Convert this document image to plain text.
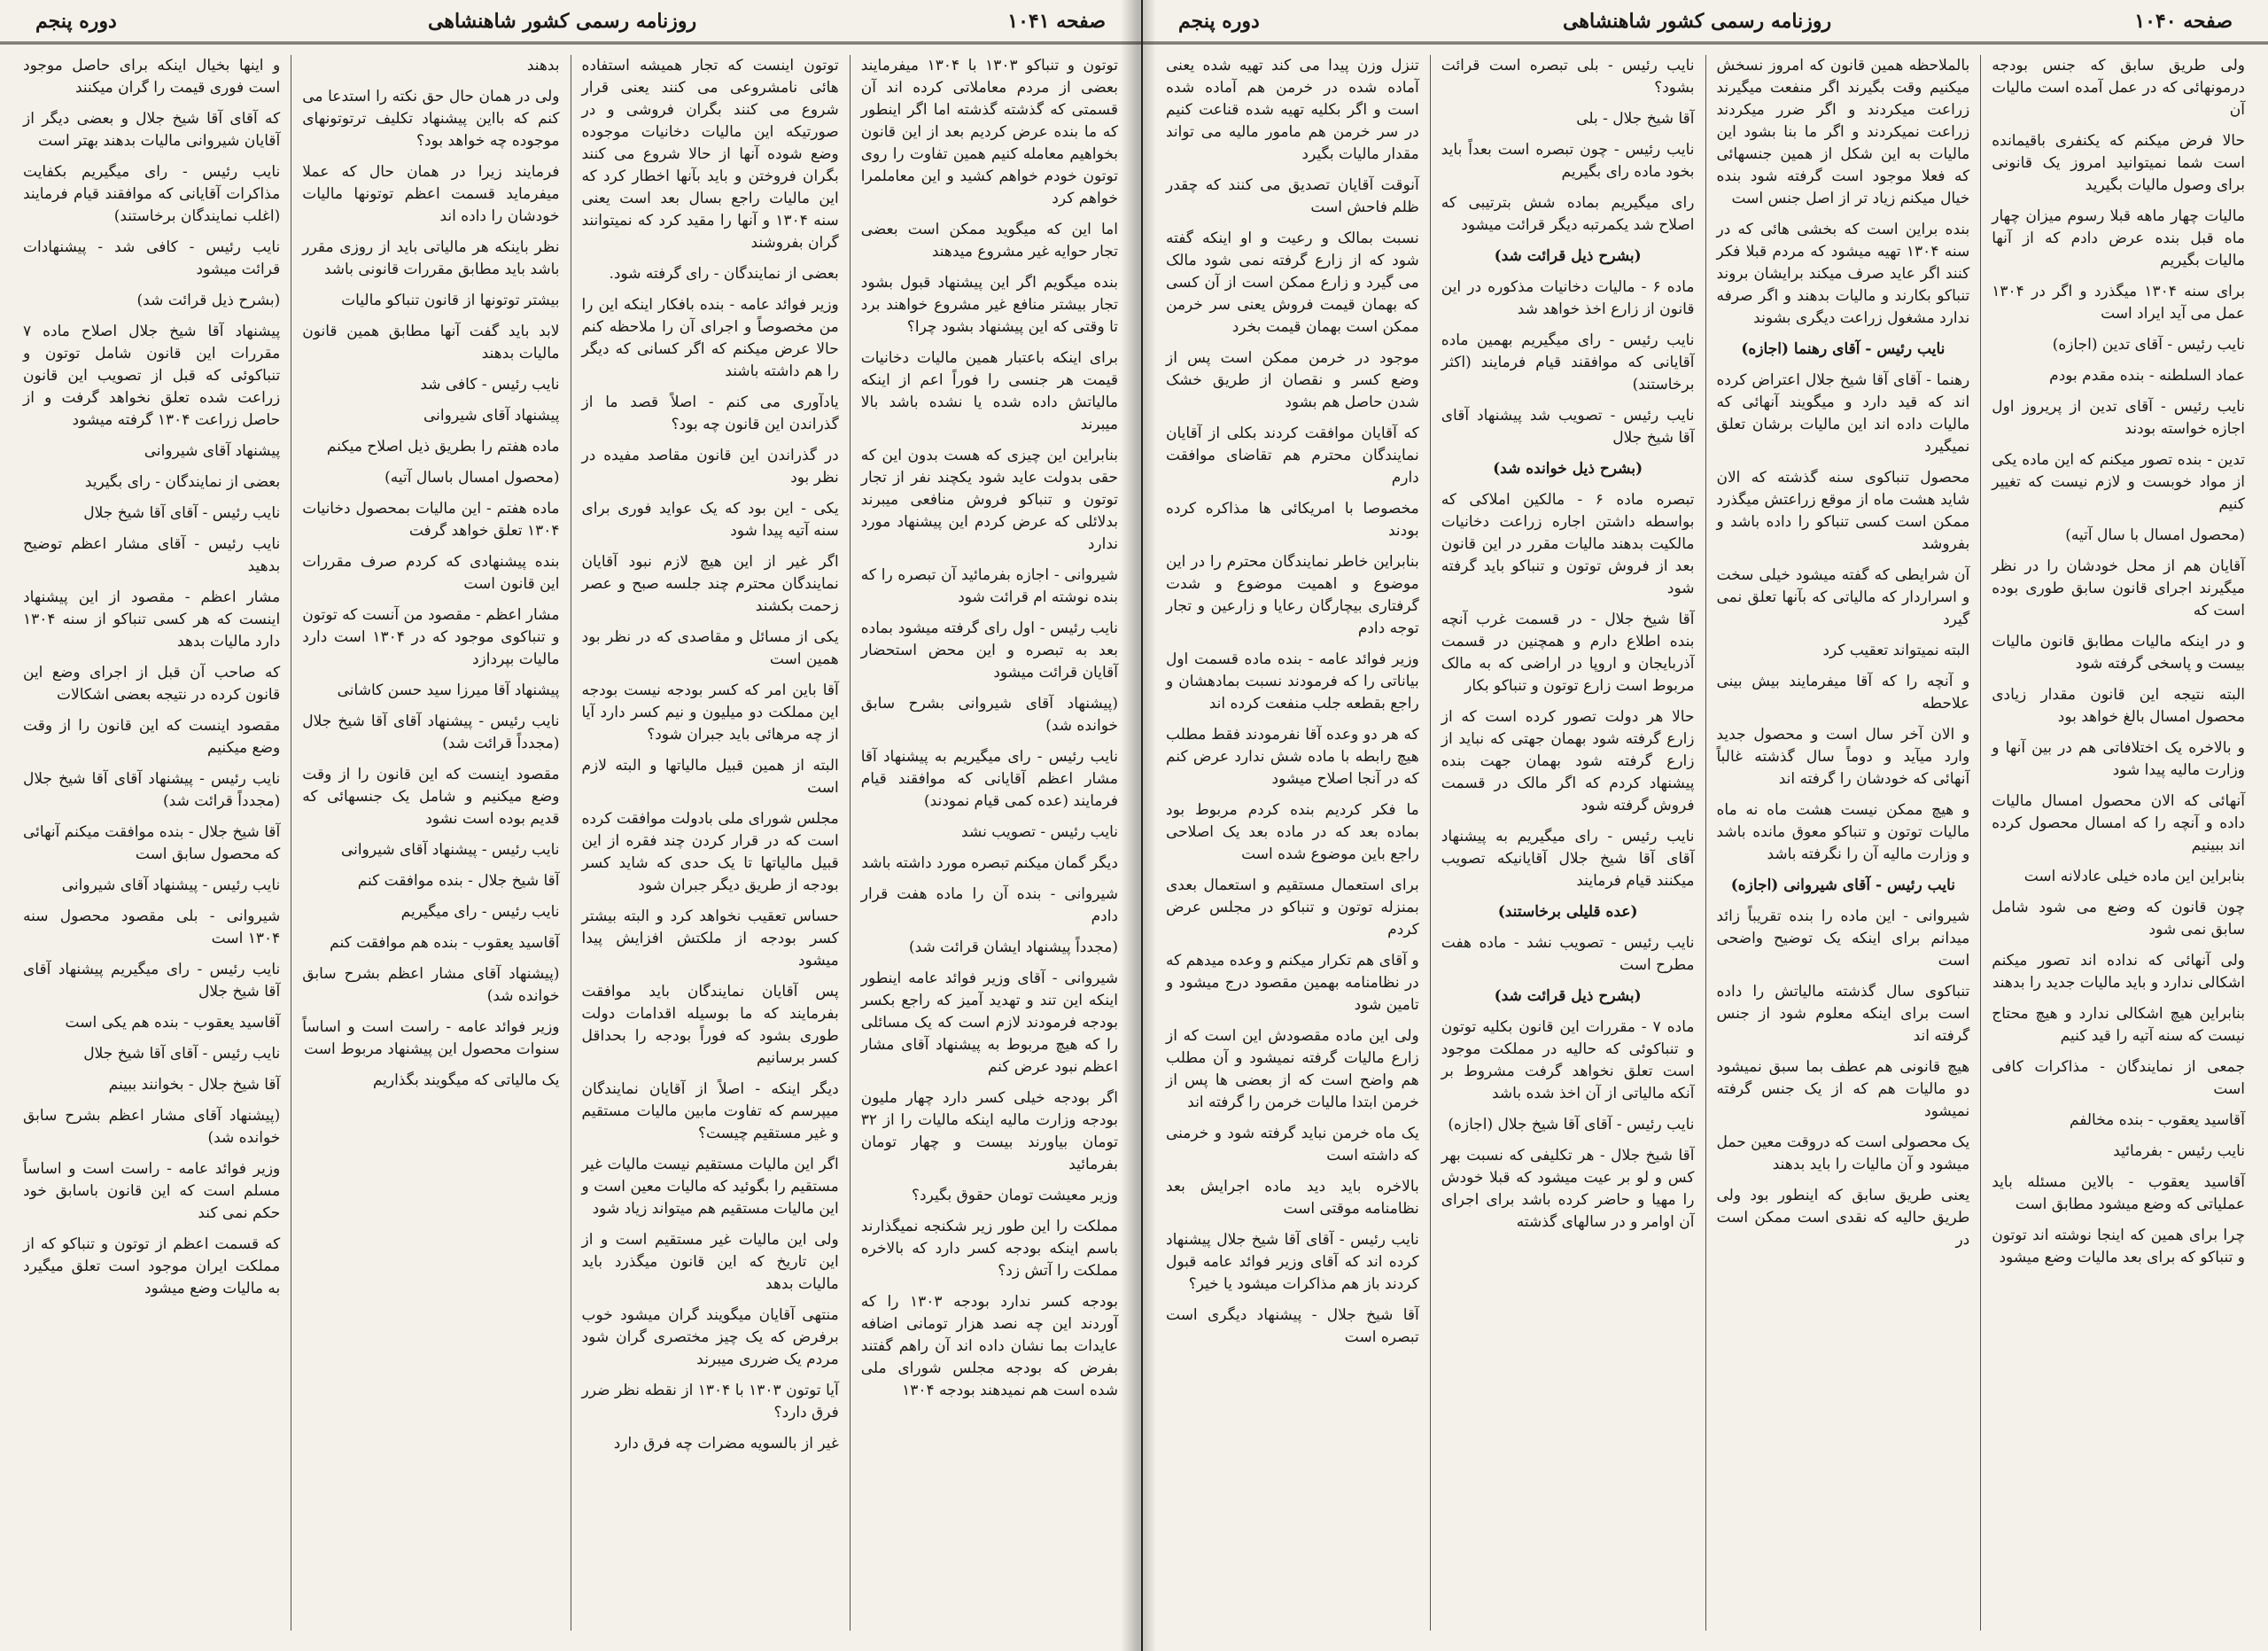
صفحه ۱۰۴۱
روزنامه رسمی کشور شاهنشاهی
دوره پنجم

توتون و تنباکو ۱۳۰۳ با ۱۳۰۴ میفرمایند بعضی از مردم معاملاتی کرده اند آن قسمتی که گذشته گذشته اما اگر اینطور که ما بنده عرض کردیم بعد از این قانون بخواهیم معامله کنیم همین تفاوت را روی توتون خودم خواهم کشید و این معاملمرا خواهم کرد

اما این که میگوید ممکن است بعضی تجار حوایه غیر مشروع میدهند

بنده میگویم اگر این پیشنهاد قبول بشود تجار بیشتر منافع غیر مشروع خواهند برد تا وقتی که این پیشنهاد بشود چرا؟

برای اینکه باعتبار همین مالیات دخانیات قیمت هر جنسی را فوراً اعم از اینکه مالیاتش داده شده یا نشده باشد بالا میبرند

بنابراین این چیزی که هست بدون این که حقی بدولت عاید شود یکچند نفر از تجار توتون و تنباکو فروش منافعی میبرند بدلائلی که عرض کردم این پیشنهاد مورد ندارد

شیروانی - اجازه بفرمائید آن تبصره را که بنده نوشته ام قرائت شود

نایب رئیس - اول رای گرفته میشود بماده بعد به تبصره و این محض استحضار آقایان قرائت میشود

(پیشنهاد آقای شیروانی بشرح سابق خوانده شد)

نایب رئیس - رای میگیریم به پیشنهاد آقا مشار اعظم آقایانی که موافقند قیام فرمایند (عده کمی قیام نمودند)

نایب رئیس - تصویب نشد

دیگر گمان میکنم تبصره مورد داشته باشد

شیروانی - بنده آن را ماده هفت قرار دادم

(مجدداً پیشنهاد ایشان قرائت شد)

شیروانی - آقای وزیر فوائد عامه اینطور اینکه این تند و تهدید آمیز که راجع بکسر بودجه فرمودند لازم است که یک مسائلی را که هیچ مربوط به پیشنهاد آقای مشار اعظم نبود عرض کنم

اگر بودجه خیلی کسر دارد چهار ملیون بودجه وزارت مالیه اینکه مالیات را از ۳۲ تومان بیاورند بیست و چهار تومان بفرمائید

وزیر معیشت تومان حقوق بگیرد؟

مملکت را این طور زیر شکنجه نمیگذارند باسم اینکه بودجه کسر دارد که بالاخره مملکت را آتش زد؟

بودجه کسر ندارد بودجه ۱۳۰۳ را که آوردند این چه نصد هزار تومانی اضافه عایدات بما نشان داده اند آن راهم گفتند بفرض که بودجه مجلس شورای ملی شده است هم نمیدهند بودجه ۱۳۰۴

توتون اینست که تجار همیشه استفاده هائی نامشروعی می کنند یعنی قرار شروع می کنند بگران فروشی و در صورتیکه این مالیات دخانیات موجوده وضع شوده آنها از حالا شروع می کنند بگران فروختن و باید بآنها اخطار کرد که این مالیات راجع بسال بعد است یعنی سنه ۱۳۰۴ و آنها را مقید کرد که نمیتوانند گران بفروشند

بعضی از نمایندگان - رای گرفته شود.

وزیر فوائد عامه - بنده بافکار اینکه این را من مخصوصاً و اجرای آن را ملاحظه کنم حالا عرض میکنم که اگر کسانی که دیگر را هم داشته باشند

یادآوری می کنم - اصلاً قصد ما از گذراندن این قانون چه بود؟

در گذراندن این قانون مقاصد مفیده در نظر بود

یکی - این بود که یک عواید فوری برای سنه آتیه پیدا شود

اگر غیر از این هیچ لازم نبود آقایان نمایندگان محترم چند جلسه صبح و عصر زحمت بکشند

یکی از مسائل و مقاصدی که در نظر بود همین است

آقا باین امر که کسر بودجه نیست بودجه این مملکت دو میلیون و نیم کسر دارد آیا از چه مرهائی باید جبران شود؟

البته از همین قبیل مالیاتها و البته لازم است

مجلس شورای ملی بادولت موافقت کرده است که در قرار کردن چند فقره از این قبیل مالیاتها تا یک حدی که شاید کسر بودجه از طریق دیگر جبران شود

حساس تعقیب نخواهد کرد و البته بیشتر کسر بودجه از ملکتش افزایش پیدا میشود

پس آقایان نمایندگان باید موافقت بفرمایند که ما بوسیله اقدامات دولت طوری بشود که فوراً بودجه را بحداقل کسر برسانیم

دیگر اینکه - اصلاً از آقایان نمایندگان میپرسم که تفاوت مابین مالیات مستقیم و غیر مستقیم چیست؟

اگر این مالیات مستقیم نیست مالیات غیر مستقیم را بگوئید که مالیات معین است و این مالیات مستقیم هم میتواند زیاد شود

ولی این مالیات غیر مستقیم است و از این تاریخ که این قانون میگذرد باید مالیات بدهد

منتهی آقایان میگویند گران میشود خوب برفرض که یک چیز مختصری گران شود مردم یک ضرری میبرند

آیا توتون ۱۳۰۳ با ۱۳۰۴ از نقطه نظر ضرر فرق دارد؟

غیر از بالسویه مضرات چه فرق دارد

بدهند

ولی در همان حال حق نکته را استدعا می کنم که بااین پیشنهاد تکلیف ترتوتونهای موجوده چه خواهد بود؟

فرمایند زیرا در همان حال که عملا میفرماید قسمت اعظم توتونها مالیات خودشان را داده اند

نظر باینکه هر مالیاتی باید از روزی مقرر باشد باید مطابق مقررات قانونی باشد

بیشتر توتونها از قانون تنباکو مالیات

لابد باید گفت آنها مطابق همین قانون مالیات بدهند

نایب رئیس - کافی شد

پیشنهاد آقای شیروانی

ماده هفتم را بطریق ذیل اصلاح میکنم

(محصول امسال باسال آتیه)

ماده هفتم - این مالیات بمحصول دخانیات ۱۳۰۴ تعلق خواهد گرفت

بنده پیشنهادی که کردم صرف مقررات این قانون است

مشار اعظم - مقصود من آنست که توتون و تنباکوی موجود که در ۱۳۰۴ است دارد مالیات بپردازد

پیشنهاد آقا میرزا سید حسن کاشانی

نایب رئیس - پیشنهاد آقای آقا شیخ جلال (مجدداً قرائت شد)

مقصود اینست که این قانون را از وقت وضع میکنیم و شامل یک جنسهائی که قدیم بوده است نشود

نایب رئیس - پیشنهاد آقای شیروانی

آقا شیخ جلال - بنده موافقت کنم

نایب رئیس - رای میگیریم

آقاسید یعقوب - بنده هم موافقت کنم

(پیشنهاد آقای مشار اعظم بشرح سابق خوانده شد)

وزیر فوائد عامه - راست است و اساساً سنوات محصول این پیشنهاد مربوط است

یک مالیاتی که میگویند بگذاریم

و اینها بخیال اینکه برای حاصل موجود است فوری قیمت را گران میکنند

که آقای آقا شیخ جلال و بعضی دیگر از آقایان شیروانی مالیات بدهند بهتر است

نایب رئیس - رای میگیریم بکفایت مذاکرات آقایانی که موافقند قیام فرمایند (اغلب نمایندگان برخاستند)

نایب رئیس - کافی شد - پیشنهادات قرائت میشود

(بشرح ذیل قرائت شد)

پیشنهاد آقا شیخ جلال اصلاح ماده ۷ مقررات این قانون شامل توتون و تنباکوئی که قبل از تصویب این قانون زراعت شده تعلق نخواهد گرفت و از حاصل زراعت ۱۳۰۴ گرفته میشود

پیشنهاد آقای شیروانی

بعضی از نمایندگان - رای بگیرید

نایب رئیس - آقای آقا شیخ جلال

نایب رئیس - آقای مشار اعظم توضیح بدهید

مشار اعظم - مقصود از این پیشنهاد اینست که هر کسی تنباکو از سنه ۱۳۰۴ دارد مالیات بدهد

که صاحب آن قبل از اجرای وضع این قانون کرده در نتیجه بعضی اشکالات

مقصود اینست که این قانون را از وقت وضع میکنیم

نایب رئیس - پیشنهاد آقای آقا شیخ جلال (مجدداً قرائت شد)

آقا شیخ جلال - بنده موافقت میکنم آنهائی که محصول سابق است

نایب رئیس - پیشنهاد آقای شیروانی

شیروانی - بلی مقصود محصول سنه ۱۳۰۴ است

نایب رئیس - رای میگیریم پیشنهاد آقای آقا شیخ جلال

آقاسید یعقوب - بنده هم یکی است

نایب رئیس - آقای آقا شیخ جلال

آقا شیخ جلال - بخوانند ببینم

(پیشنهاد آقای مشار اعظم بشرح سابق خوانده شد)

وزیر فوائد عامه - راست است و اساساً مسلم است که این قانون باسابق خود حکم نمی کند

که قسمت اعظم از توتون و تنباکو که از مملکت ایران موجود است تعلق میگیرد به مالیات وضع میشود

صفحه ۱۰۴۰
روزنامه رسمی کشور شاهنشاهی
دوره پنجم

ولی طریق سابق که جنس بودجه درمونهائی که در عمل آمده است مالیات آن

حالا فرض میکنم که یکنفری باقیمانده است شما نمیتوانید امروز یک قانونی برای وصول مالیات بگیرید

مالیات چهار ماهه قبلا رسوم میزان چهار ماه قبل بنده عرض دادم که از آنها مالیات بگیریم

برای سنه ۱۳۰۴ میگذرد و اگر در ۱۳۰۴ عمل می آید ایراد است

نایب رئیس - آقای تدین (اجازه)

عماد السلطنه - بنده مقدم بودم

نایب رئیس - آقای تدین از پریروز اول اجازه خواسته بودند

تدین - بنده تصور میکنم که این ماده یکی از مواد خوبست و لازم نیست که تغییر کنیم

(محصول امسال با سال آتیه)

آقایان هم از محل خودشان را در نظر میگیرند اجرای قانون سابق طوری بوده است که

و در اینکه مالیات مطابق قانون مالیات بیست و پاسخی گرفته شود

البته نتیجه این قانون مقدار زیادی محصول امسال بالغ خواهد بود

و بالاخره یک اختلافاتی هم در بین آنها و وزارت مالیه پیدا شود

آنهائی که الان محصول امسال مالیات داده و آنچه را که امسال محصول کرده اند ببینیم

بنابراین این ماده خیلی عادلانه است

چون قانون که وضع می شود شامل سابق نمی شود

ولی آنهائی که نداده اند تصور میکنم اشکالی ندارد و باید مالیات جدید را بدهند

بنابراین هیچ اشکالی ندارد و هیچ محتاج نیست که سنه آتیه را قید کنیم

جمعی از نمایندگان - مذاکرات کافی است

آقاسید یعقوب - بنده مخالفم

نایب رئیس - بفرمائید

آقاسید یعقوب - بالاین مسئله باید عملیاتی که وضع میشود مطابق است

چرا برای همین که اینجا نوشته اند توتون و تنباکو که برای بعد مالیات وضع میشود

بالملاحظه همین قانون که امروز نسخش میکنیم وقت بگیرند اگر منفعت میگیرند زراعت میکردند و اگر ضرر میکردند زراعت نمیکردند و اگر ما بنا بشود این مالیات به این شکل از همین جنسهائی که فعلا موجود است گرفته شود بنده خیال میکنم زیاد تر از اصل جنس است

بنده براین است که بخشی هائی که در سنه ۱۳۰۴ تهیه میشود که مردم قبلا فکر کنند اگر عاید صرف میکند برایشان بروند تنباکو بکارند و مالیات بدهند و اگر صرفه ندارد مشغول زراعت دیگری بشوند

نایب رئیس - آقای رهنما (اجازه)

رهنما - آقای آقا شیخ جلال اعتراض کرده اند که قید دارد و میگویند آنهائی که مالیات داده اند این مالیات برشان تعلق نمیگیرد

محصول تنباکوی سنه گذشته که الان شاید هشت ماه از موقع زراعتش میگذرد ممکن است کسی تنباکو را داده باشد و بفروشد

آن شرایطی که گفته میشود خیلی سخت و اسراردار که مالیاتی که بآنها تعلق نمی گیرد

البته نمیتواند تعقیب کرد

و آنچه را که آقا میفرمایند بیش بینی علاحطه

و الان آخر سال است و محصول جدید وارد میآید و دوماً سال گذشته غالباً آنهائی که خودشان را گرفته اند

و هیچ ممکن نیست هشت ماه نه ماه مالیات توتون و تنباکو معوق مانده باشد و وزارت مالیه آن را نگرفته باشد

نایب رئیس - آقای شیروانی (اجازه)

شیروانی - این ماده را بنده تقریباً زائد میدانم برای اینکه یک توضیح واضحی است

تنباکوی سال گذشته مالیاتش را داده است برای اینکه معلوم شود از جنس گرفته اند

هیچ قانونی هم عطف بما سبق نمیشود دو مالیات هم که از یک جنس گرفته نمیشود

یک محصولی است که دروقت معین حمل میشود و آن مالیات را باید بدهند

یعنی طریق سابق که اینطور بود ولی طریق حالیه که نقدی است ممکن است در

نایب رئیس - بلی تبصره است قرائت بشود؟

آقا شیخ جلال - بلی

نایب رئیس - چون تبصره است بعداً باید بخود ماده رای بگیریم

رای میگیریم بماده شش بترتیبی که اصلاح شد یکمرتبه دیگر قرائت میشود

(بشرح ذیل قرائت شد)

ماده ۶ - مالیات دخانیات مذکوره در این قانون از زارع اخذ خواهد شد

نایب رئیس - رای میگیریم بهمین ماده آقایانی که موافقند قیام فرمایند (اکثر برخاستند)

نایب رئیس - تصویب شد پیشنهاد آقای آقا شیخ جلال

(بشرح ذیل خوانده شد)

تبصره ماده ۶ - مالکین املاکی که بواسطه داشتن اجاره زراعت دخانیات مالکیت بدهند مالیات مقرر در این قانون بعد از فروش توتون و تنباکو باید گرفته شود

آقا شیخ جلال - در قسمت غرب آنچه بنده اطلاع دارم و همچنین در قسمت آذربایجان و اروپا در اراضی که به مالک مربوط است زارع توتون و تنباکو بکار

حالا هر دولت تصور کرده است که از زارع گرفته شود بهمان جهتی که نباید از زارع گرفته شود بهمان جهت بنده پیشنهاد کردم که اگر مالک در قسمت فروش گرفته شود

نایب رئیس - رای میگیریم به پیشنهاد آقای آقا شیخ جلال آقایانیکه تصویب میکنند قیام فرمایند

(عده قلیلی برخاستند)

نایب رئیس - تصویب نشد - ماده هفت مطرح است

(بشرح ذیل قرائت شد)

ماده ۷ - مقررات این قانون بکلیه توتون و تنباکوئی که حالیه در مملکت موجود است تعلق نخواهد گرفت مشروط بر آنکه مالیاتی از آن اخذ شده باشد

نایب رئیس - آقای آقا شیخ جلال (اجازه)

آقا شیخ جلال - هر تکلیفی که نسبت بهر کس و لو بر عیت میشود که قبلا خودش را مهیا و حاضر کرده باشد برای اجرای آن اوامر و در سالهای گذشته

تنزل وزن پیدا می کند تهیه شده یعنی آماده شده در خرمن هم آماده شده است و اگر بکلیه تهیه شده قناعت کنیم در سر خرمن هم مامور مالیه می تواند مقدار مالیات بگیرد

آنوقت آقایان تصدیق می کنند که چقدر ظلم فاحش است

نسبت بمالک و رعیت و او اینکه گفته شود که از زارع گرفته نمی شود مالک می گیرد و زارع ممکن است از آن کسی که بهمان قیمت فروش یعنی سر خرمن ممکن است بهمان قیمت بخرد

موجود در خرمن ممکن است پس از وضع کسر و نقصان از طریق خشک شدن حاصل هم بشود

که آقایان موافقت کردند بکلی از آقایان نمایندگان محترم هم تقاضای موافقت دارم

مخصوصا با امریکائی ها مذاکره کرده بودند

بنابراین خاطر نمایندگان محترم را در این موضوع و اهمیت موضوع و شدت گرفتاری بیچارگان رعایا و زارعین و تجار توجه دادم

وزیر فوائد عامه - بنده ماده قسمت اول بیاناتی را که فرمودند نسبت بمادهشان و راجع بقطعه جلب منفعت کرده اند

که هر دو وعده آقا نفرمودند فقط مطلب هیچ رابطه با ماده شش ندارد عرض کنم که در آنجا اصلاح میشود

ما فکر کردیم بنده کردم مربوط بود بماده بعد که در ماده بعد یک اصلاحی راجع باین موضوع شده است

برای استعمال مستقیم و استعمال بعدی بمنزله توتون و تنباکو در مجلس عرض کردم

و آقای هم تکرار میکنم و وعده میدهم که در نظامنامه بهمین مقصود درج میشود و تامین شود

ولی این ماده مقصودش این است که از زارع مالیات گرفته نمیشود و آن مطلب هم واضح است که از بعضی ها پس از خرمن ابتدا مالیات خرمن را گرفته اند

یک ماه خرمن نباید گرفته شود و خرمنی که داشته است

بالاخره باید دید ماده اجرایش بعد نظامنامه موقتی است

نایب رئیس - آقای آقا شیخ جلال پیشنهاد کرده اند که آقای وزیر فوائد عامه قبول کردند باز هم مذاکرات میشود یا خیر؟

آقا شیخ جلال - پیشنهاد دیگری است تبصره است
